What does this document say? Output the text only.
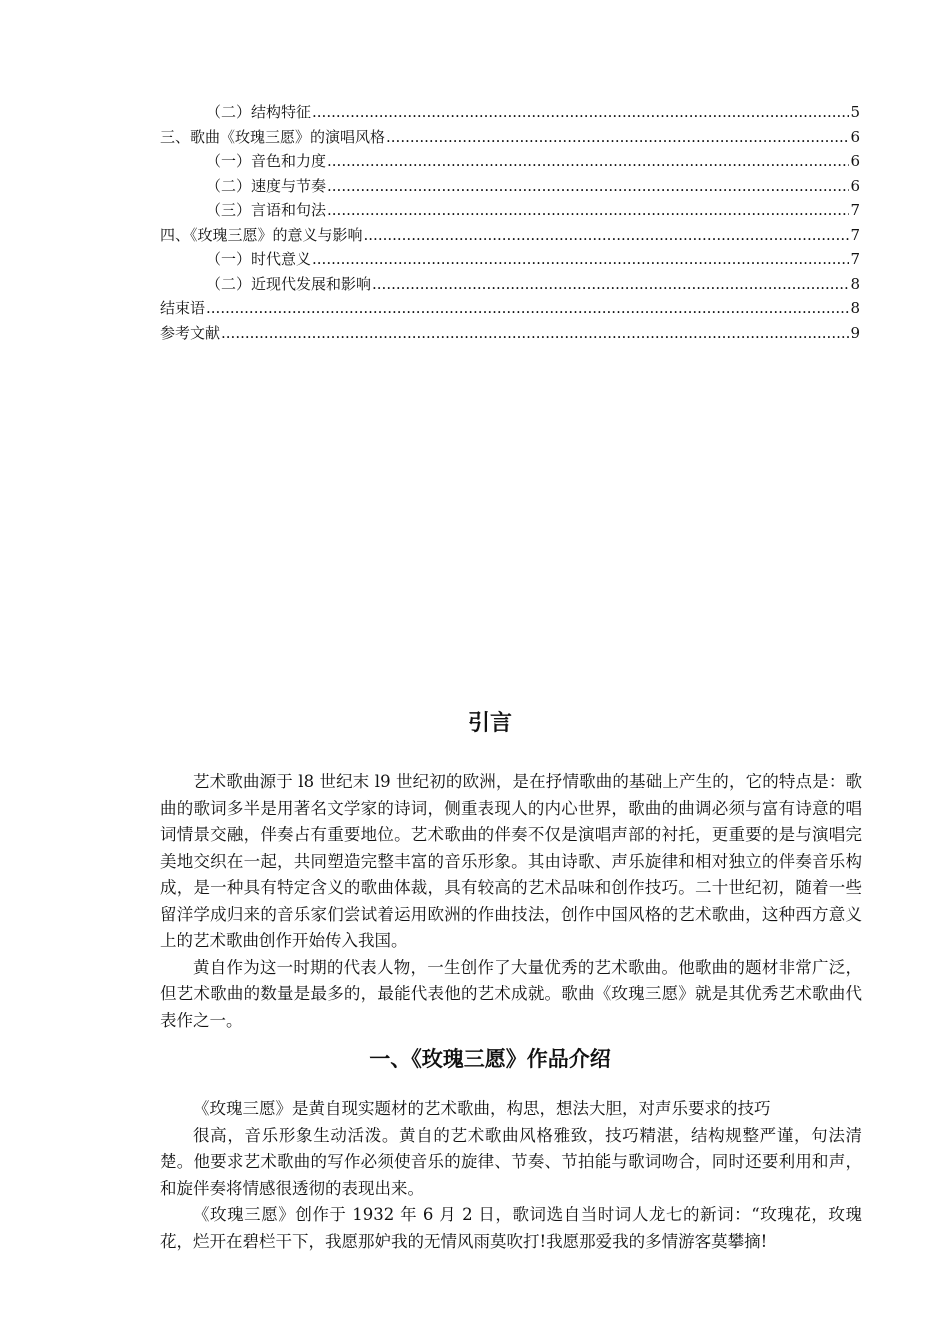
（二）结构特征 .....	5
三、歌曲《玫瑰三愿》的演唱风格 .....	6
（一）音色和力度 .....	6
（二）速度与节奏 .....	6
（三）言语和句法 .....	7
四、《玫瑰三愿》的意义与影响 .....	7
（一）时代意义 .....	7
（二）近现代发展和影响 .....	8
结束语 .....	8
参考文献 .....	9
引言

艺术歌曲源于 l8 世纪末 l9 世纪初的欧洲，是在抒情歌曲的基础上产生的，它的特点是：歌曲的歌词多半是用著名文学家的诗词，侧重表现人的内心世界，歌曲的曲调必须与富有诗意的唱词情景交融，伴奏占有重要地位。艺术歌曲的伴奏不仅是演唱声部的衬托，更重要的是与演唱完美地交织在一起，共同塑造完整丰富的音乐形象。其由诗歌、声乐旋律和相对独立的伴奏音乐构成，是一种具有特定含义的歌曲体裁，具有较高的艺术品味和创作技巧。二十世纪初，随着一些留洋学成归来的音乐家们尝试着运用欧洲的作曲技法，创作中国风格的艺术歌曲，这种西方意义上的艺术歌曲创作开始传入我国。

黄自作为这一时期的代表人物，一生创作了大量优秀的艺术歌曲。他歌曲的题材非常广泛，但艺术歌曲的数量是最多的，最能代表他的艺术成就。歌曲《玫瑰三愿》就是其优秀艺术歌曲代表作之一。

一、《玫瑰三愿》作品介绍

《玫瑰三愿》是黄自现实题材的艺术歌曲，构思，想法大胆，对声乐要求的技巧

很高，音乐形象生动活泼。黄自的艺术歌曲风格雅致，技巧精湛，结构规整严谨，句法清楚。他要求艺术歌曲的写作必须使音乐的旋律、节奏、节拍能与歌词吻合，同时还要利用和声，和旋伴奏将情感很透彻的表现出来。

《玫瑰三愿》创作于 1932 年 6 月 2 日，歌词选自当时词人龙七的新词：“玫瑰花，玫瑰花，烂开在碧栏干下，我愿那妒我的无情风雨莫吹打!我愿那爱我的多情游客莫攀摘!
